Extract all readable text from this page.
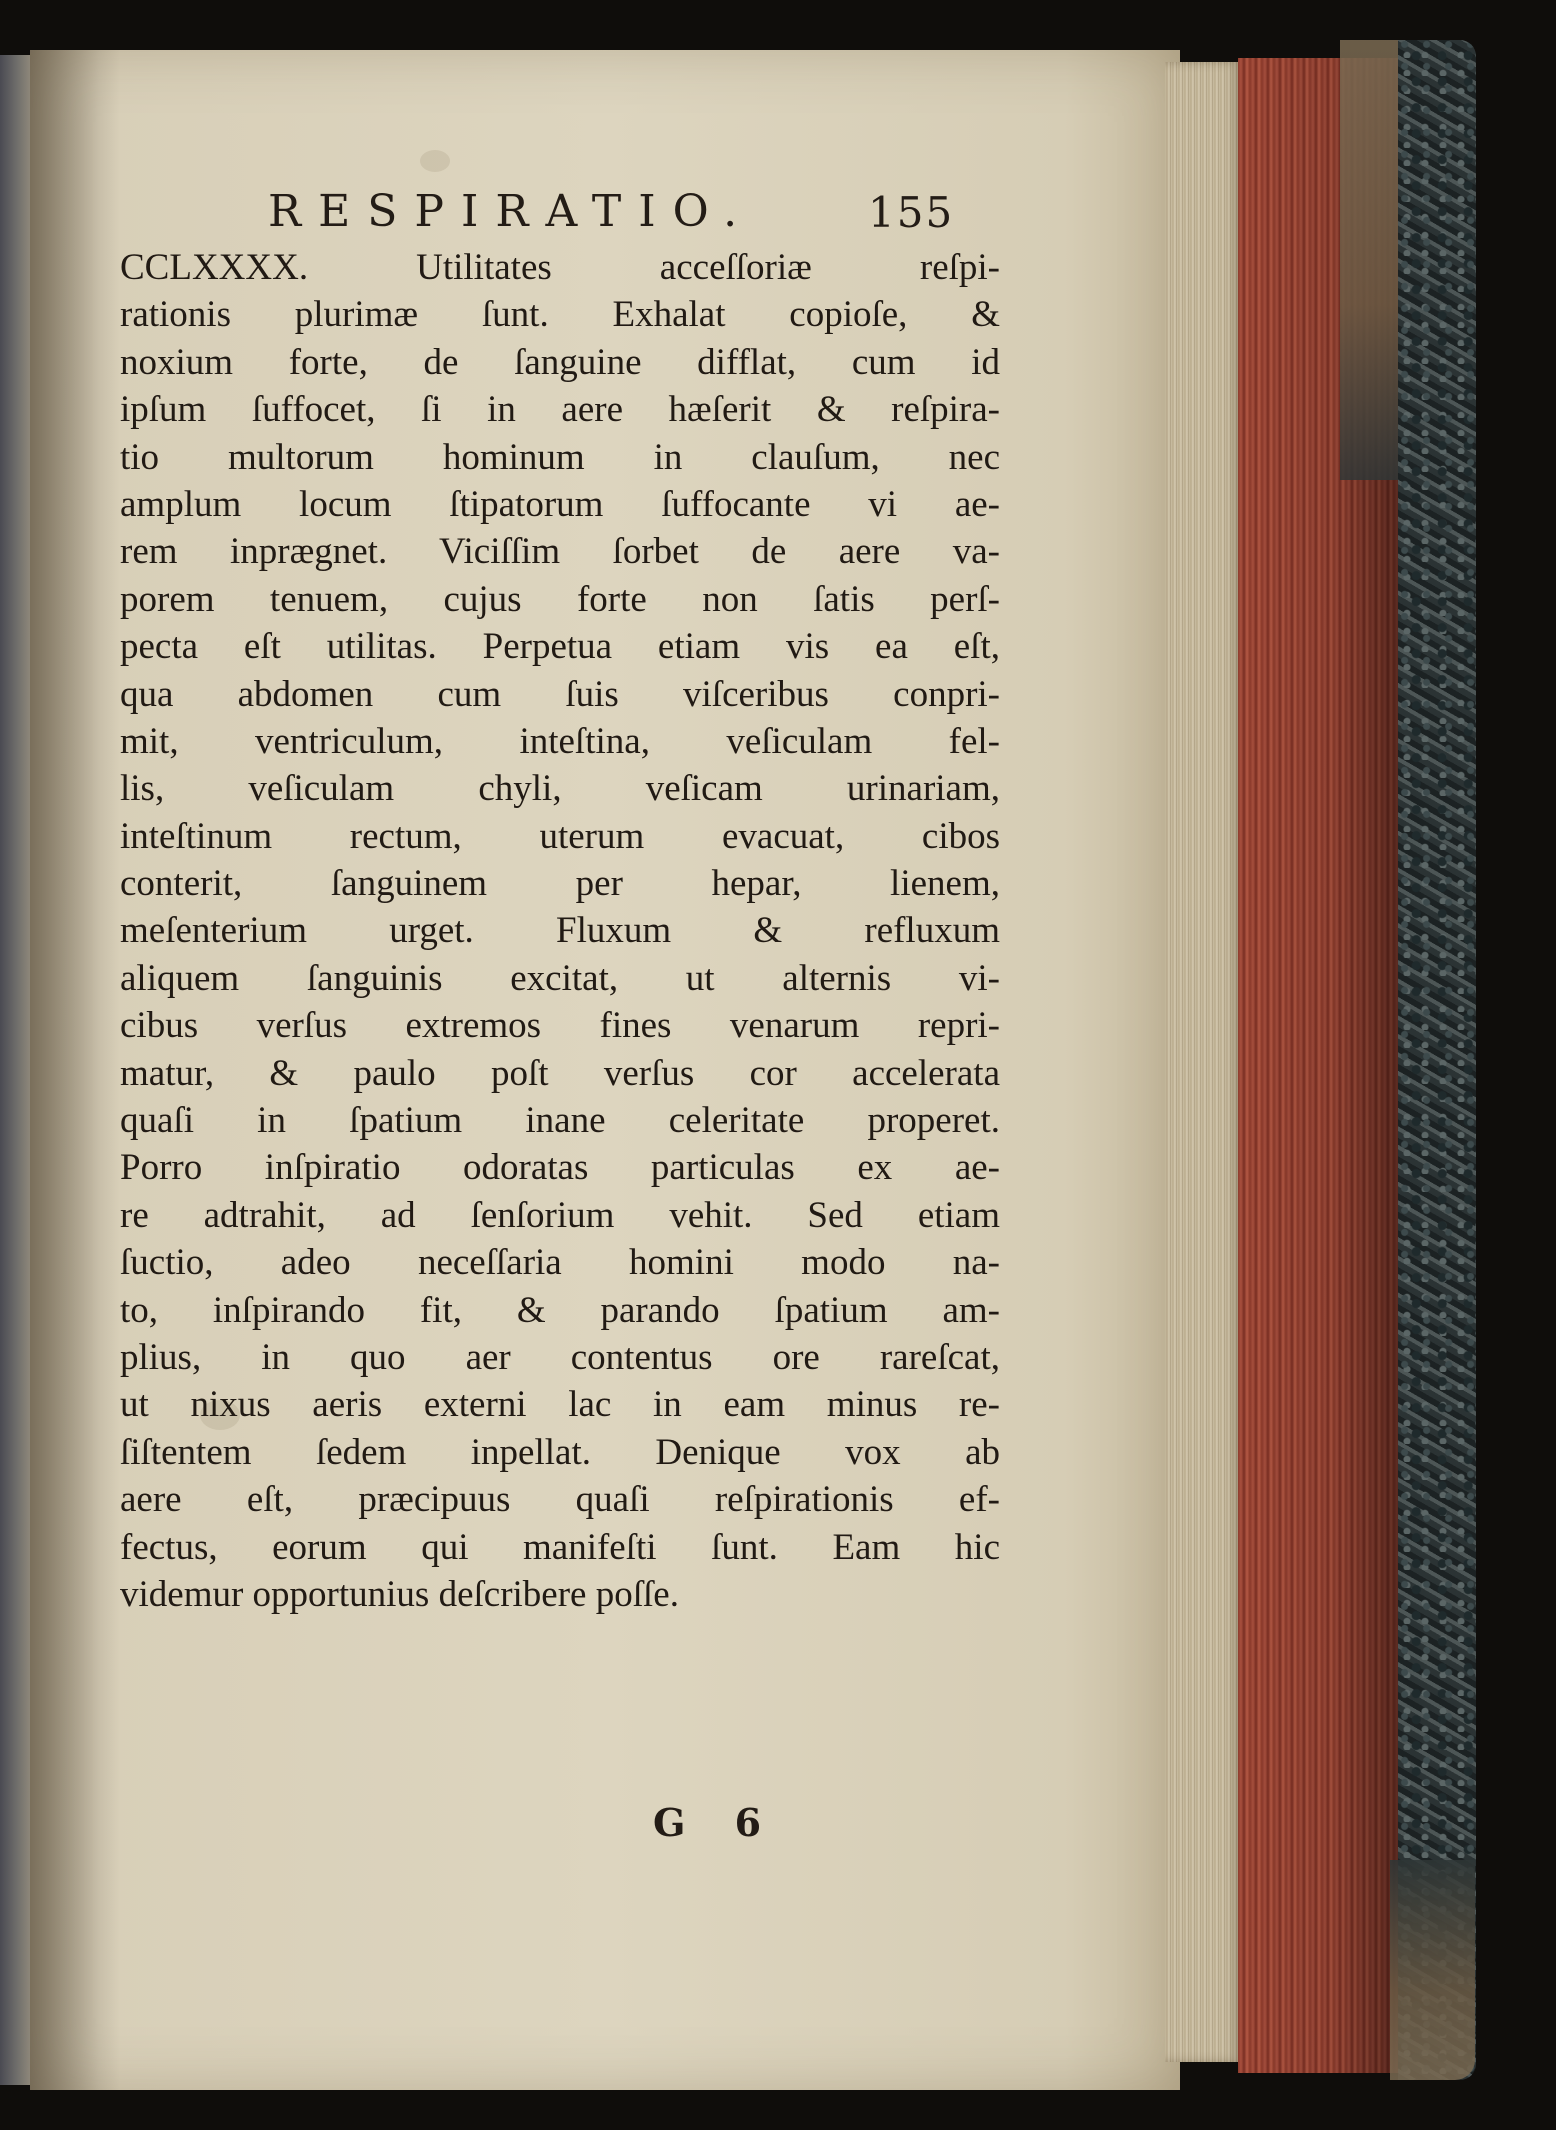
RESPIRATIO.	155
CCLXXXX. Utilitates acceſſoriæ reſpi-
rationis plurimæ ſunt. Exhalat copioſe, &
noxium forte, de ſanguine difflat, cum id
ipſum ſuffocet, ſi in aere hæſerit & reſpira-
tio multorum hominum in clauſum, nec
amplum locum ſtipatorum ſuffocante vi ae-
rem inprægnet. Viciſſim ſorbet de aere va-
porem tenuem, cujus forte non ſatis perſ-
pecta eſt utilitas. Perpetua etiam vis ea eſt,
qua abdomen cum ſuis viſceribus conpri-
mit, ventriculum, inteſtina, veſiculam fel-
lis, veſiculam chyli, veſicam urinariam,
inteſtinum rectum, uterum evacuat, cibos
conterit, ſanguinem per hepar, lienem,
meſenterium urget. Fluxum & refluxum
aliquem ſanguinis excitat, ut alternis vi-
cibus verſus extremos fines venarum repri-
matur, & paulo poſt verſus cor accelerata
quaſi in ſpatium inane celeritate properet.
Porro inſpiratio odoratas particulas ex ae-
re adtrahit, ad ſenſorium vehit. Sed etiam
ſuctio, adeo neceſſaria homini modo na-
to, inſpirando fit, & parando ſpatium am-
plius, in quo aer contentus ore rareſcat,
ut nixus aeris externi lac in eam minus re-
ſiſtentem ſedem inpellat. Denique vox ab
aere eſt, præcipuus quaſi reſpirationis ef-
fectus, eorum qui manifeſti ſunt. Eam hic
videmur opportunius deſcribere poſſe.
G 6
